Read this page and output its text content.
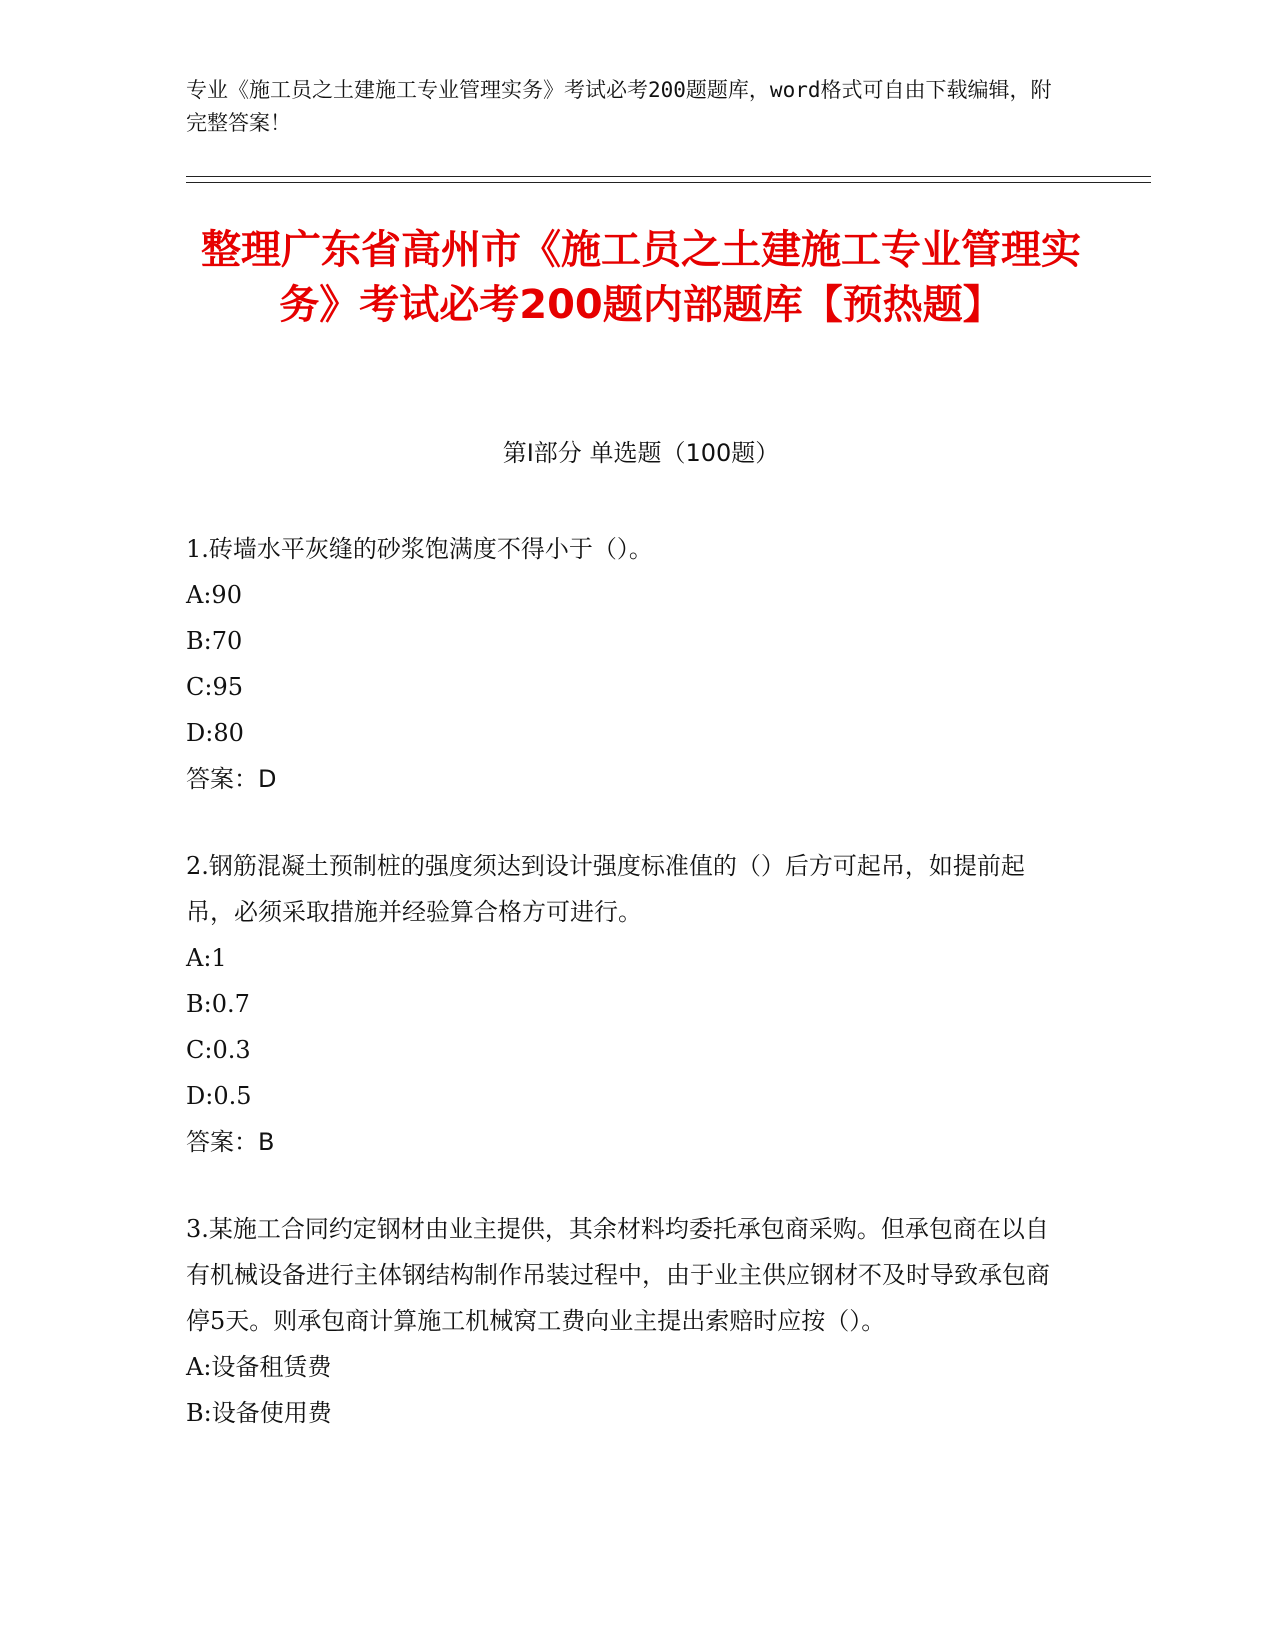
专业《施工员之土建施工专业管理实务》考试必考200题题库，word格式可自由下载编辑，附完整答案！
整理广东省高州市《施工员之土建施工专业管理实务》考试必考200题内部题库【预热题】
第I部分 单选题（100题）

1.砖墙水平灰缝的砂浆饱满度不得小于（）。

A:90

B:70

C:95

D:80

答案：D

2.钢筋混凝土预制桩的强度须达到设计强度标准值的（）后方可起吊，如提前起吊，必须采取措施并经验算合格方可进行。

A:1

B:0.7

C:0.3

D:0.5

答案：B

3.某施工合同约定钢材由业主提供，其余材料均委托承包商采购。但承包商在以自有机械设备进行主体钢结构制作吊装过程中，由于业主供应钢材不及时导致承包商停5天。则承包商计算施工机械窝工费向业主提出索赔时应按（）。

A:设备租赁费

B:设备使用费
